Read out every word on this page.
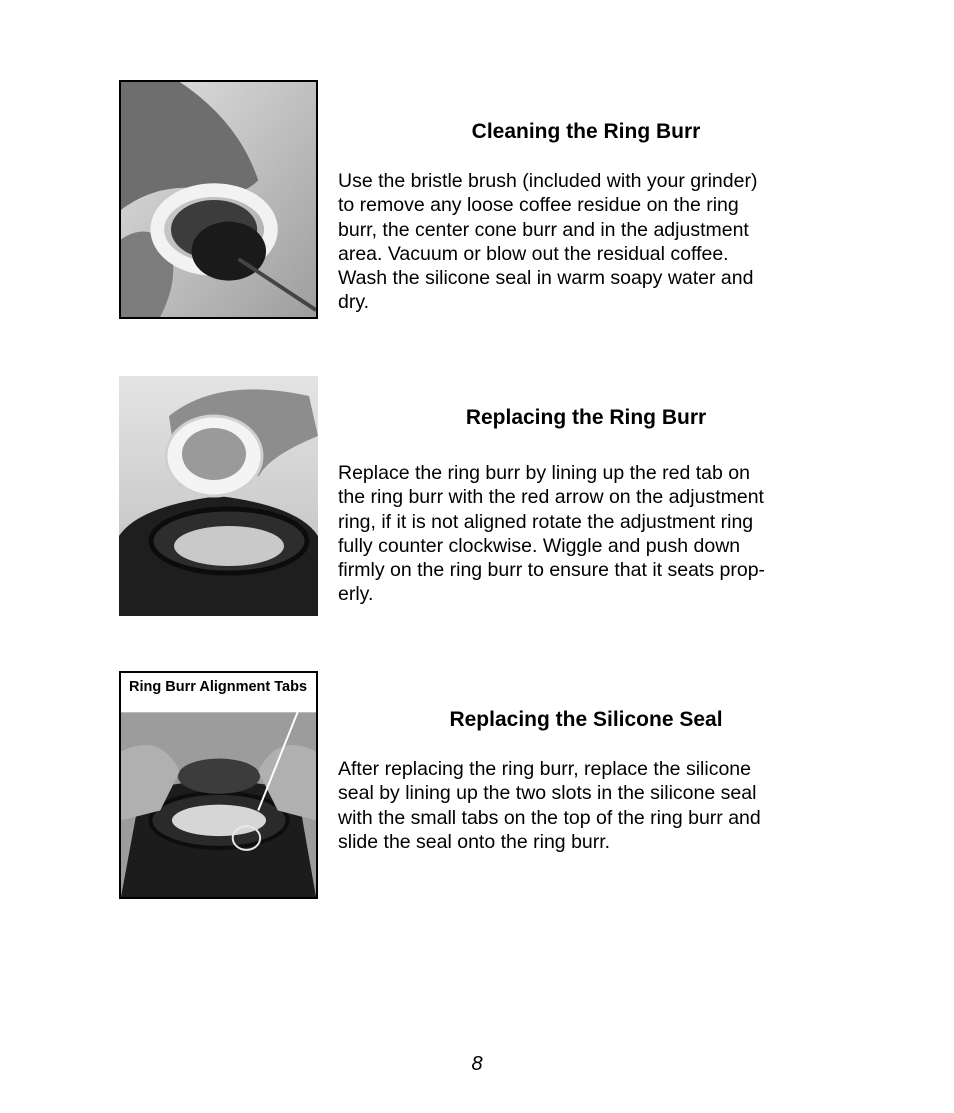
Cleaning the Ring Burr

Use the bristle brush (included with your grinder)
to remove any loose coffee residue on the ring
burr, the center cone burr and in the adjustment
area. Vacuum or blow out the residual coffee.
Wash the silicone seal in warm soapy water and
dry.

Replacing the Ring Burr

Replace the ring burr by lining up the red tab on
the ring burr with the red arrow on the adjustment
ring, if it is not aligned rotate the adjustment ring
fully counter clockwise. Wiggle and push down
firmly on the ring burr to ensure that it seats prop-
erly.

Ring Burr Alignment Tabs
Replacing the Silicone Seal

After replacing the ring burr, replace the silicone
seal by lining up the two slots in the silicone seal
with the small tabs on the top of the ring burr and
slide the seal onto the ring burr.

8
